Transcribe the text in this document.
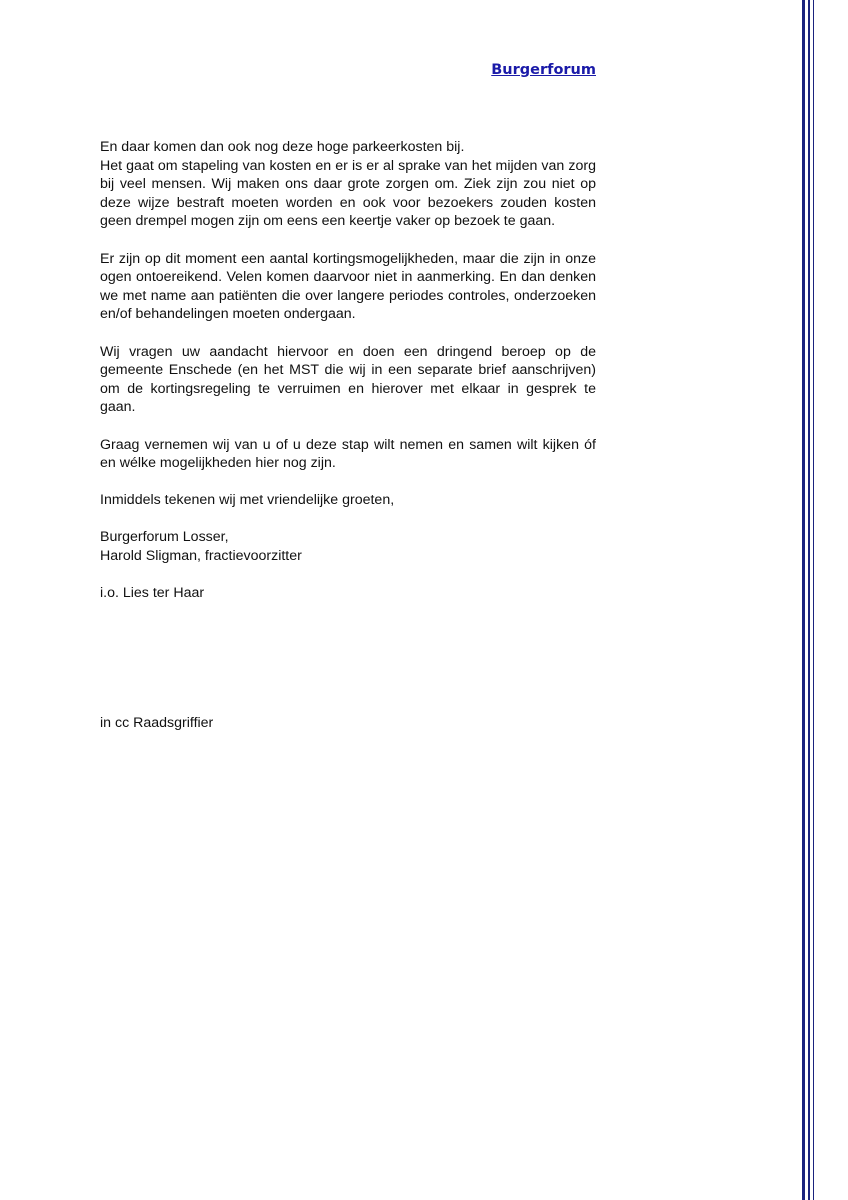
Burgerforum
En daar komen dan ook nog deze hoge parkeerkosten bij.
Het gaat om stapeling van kosten en er is er al sprake van het mijden van zorg bij veel mensen. Wij maken ons daar grote zorgen om. Ziek zijn zou niet op deze wijze bestraft moeten worden en ook voor bezoekers zouden kosten geen drempel mogen zijn om eens een keertje vaker op bezoek te gaan.

Er zijn op dit moment een aantal kortingsmogelijkheden, maar die zijn in onze ogen ontoereikend. Velen komen daarvoor niet in aanmerking. En dan denken we met name aan patiënten die over langere periodes controles, onderzoeken en/of behandelingen moeten ondergaan.

Wij vragen uw aandacht hiervoor en doen een dringend beroep op de gemeente Enschede (en het MST die wij in een separate brief aanschrijven) om de kortingsregeling te verruimen en hierover met elkaar in gesprek te gaan.

Graag vernemen wij van u of u deze stap wilt nemen en samen wilt kijken óf en wélke mogelijkheden hier nog zijn.

Inmiddels tekenen wij met vriendelijke groeten,

Burgerforum Losser,
Harold Sligman, fractievoorzitter

i.o. Lies ter Haar

in cc Raadsgriffier
